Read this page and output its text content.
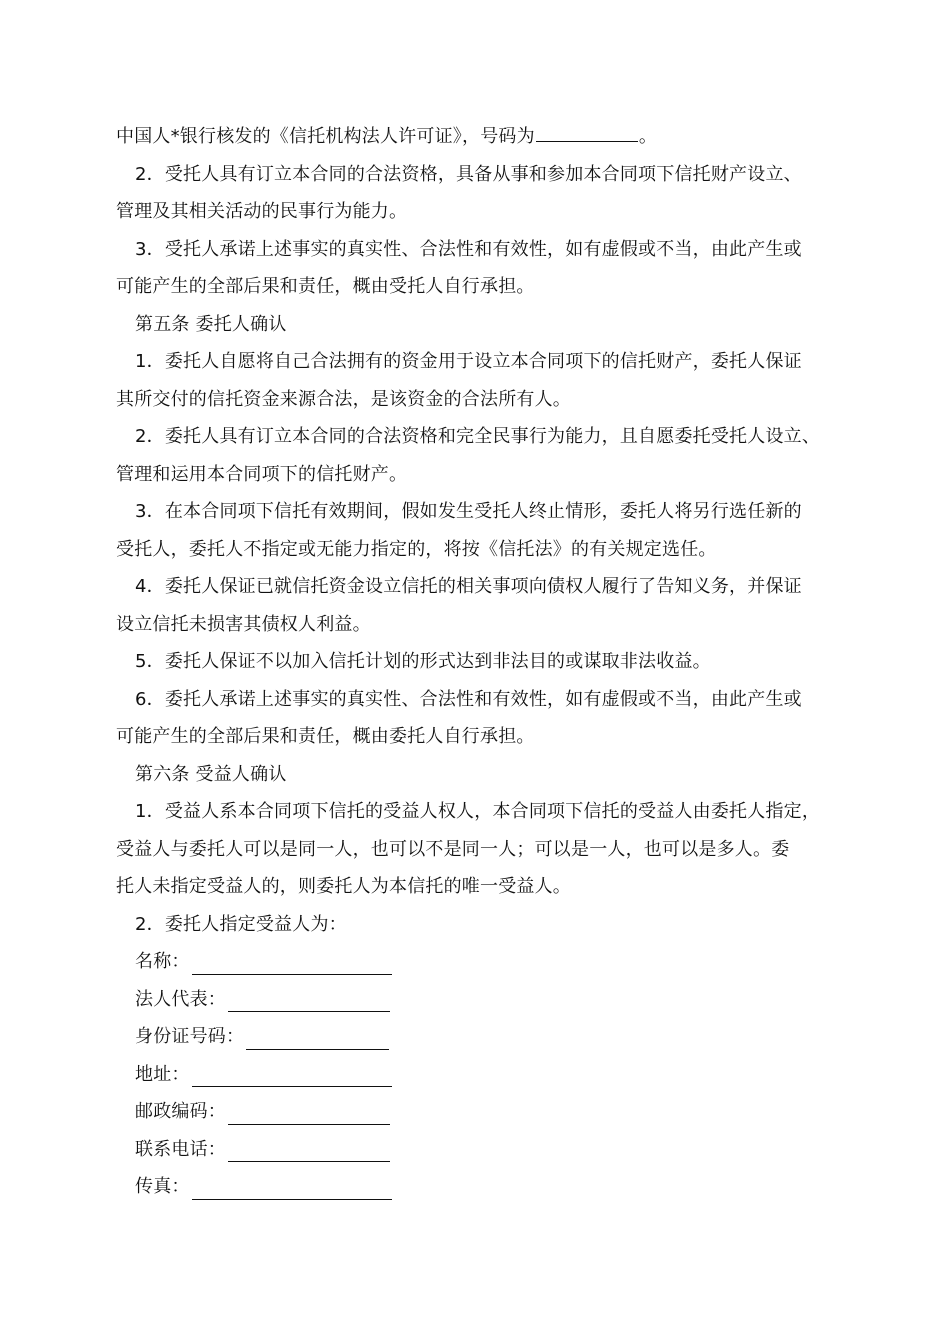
中国人*银行核发的《信托机构法人许可证》，号码为	。
2．受托人具有订立本合同的合法资格，具备从事和参加本合同项下信托财产设立、
管理及其相关活动的民事行为能力。
3．受托人承诺上述事实的真实性、合法性和有效性，如有虚假或不当，由此产生或
可能产生的全部后果和责任，概由受托人自行承担。
第五条 委托人确认
1．委托人自愿将自己合法拥有的资金用于设立本合同项下的信托财产，委托人保证
其所交付的信托资金来源合法，是该资金的合法所有人。
2．委托人具有订立本合同的合法资格和完全民事行为能力，且自愿委托受托人设立、
管理和运用本合同项下的信托财产。
3．在本合同项下信托有效期间，假如发生受托人终止情形，委托人将另行选任新的
受托人，委托人不指定或无能力指定的，将按《信托法》的有关规定选任。
4．委托人保证已就信托资金设立信托的相关事项向债权人履行了告知义务，并保证
设立信托未损害其债权人利益。
5．委托人保证不以加入信托计划的形式达到非法目的或谋取非法收益。
6．委托人承诺上述事实的真实性、合法性和有效性，如有虚假或不当，由此产生或
可能产生的全部后果和责任，概由委托人自行承担。
第六条 受益人确认
1．受益人系本合同项下信托的受益人权人，本合同项下信托的受益人由委托人指定，
受益人与委托人可以是同一人，也可以不是同一人；可以是一人，也可以是多人。委
托人未指定受益人的，则委托人为本信托的唯一受益人。
2．委托人指定受益人为：
名称：
法人代表：
身份证号码：
地址：
邮政编码：
联系电话：
传真：
